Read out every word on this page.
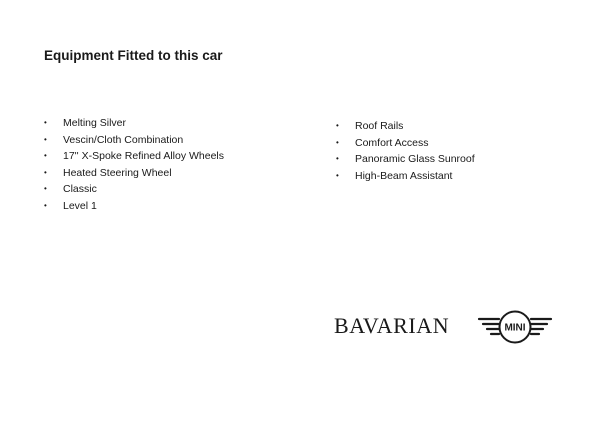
Equipment Fitted to this car
• Melting Silver
• Vescin/Cloth Combination
• 17'' X-Spoke Refined Alloy Wheels
• Heated Steering Wheel
• Classic
• Level 1
• Roof Rails
• Comfort Access
• Panoramic Glass Sunroof
• High-Beam Assistant
BAVARIAN	MINI
